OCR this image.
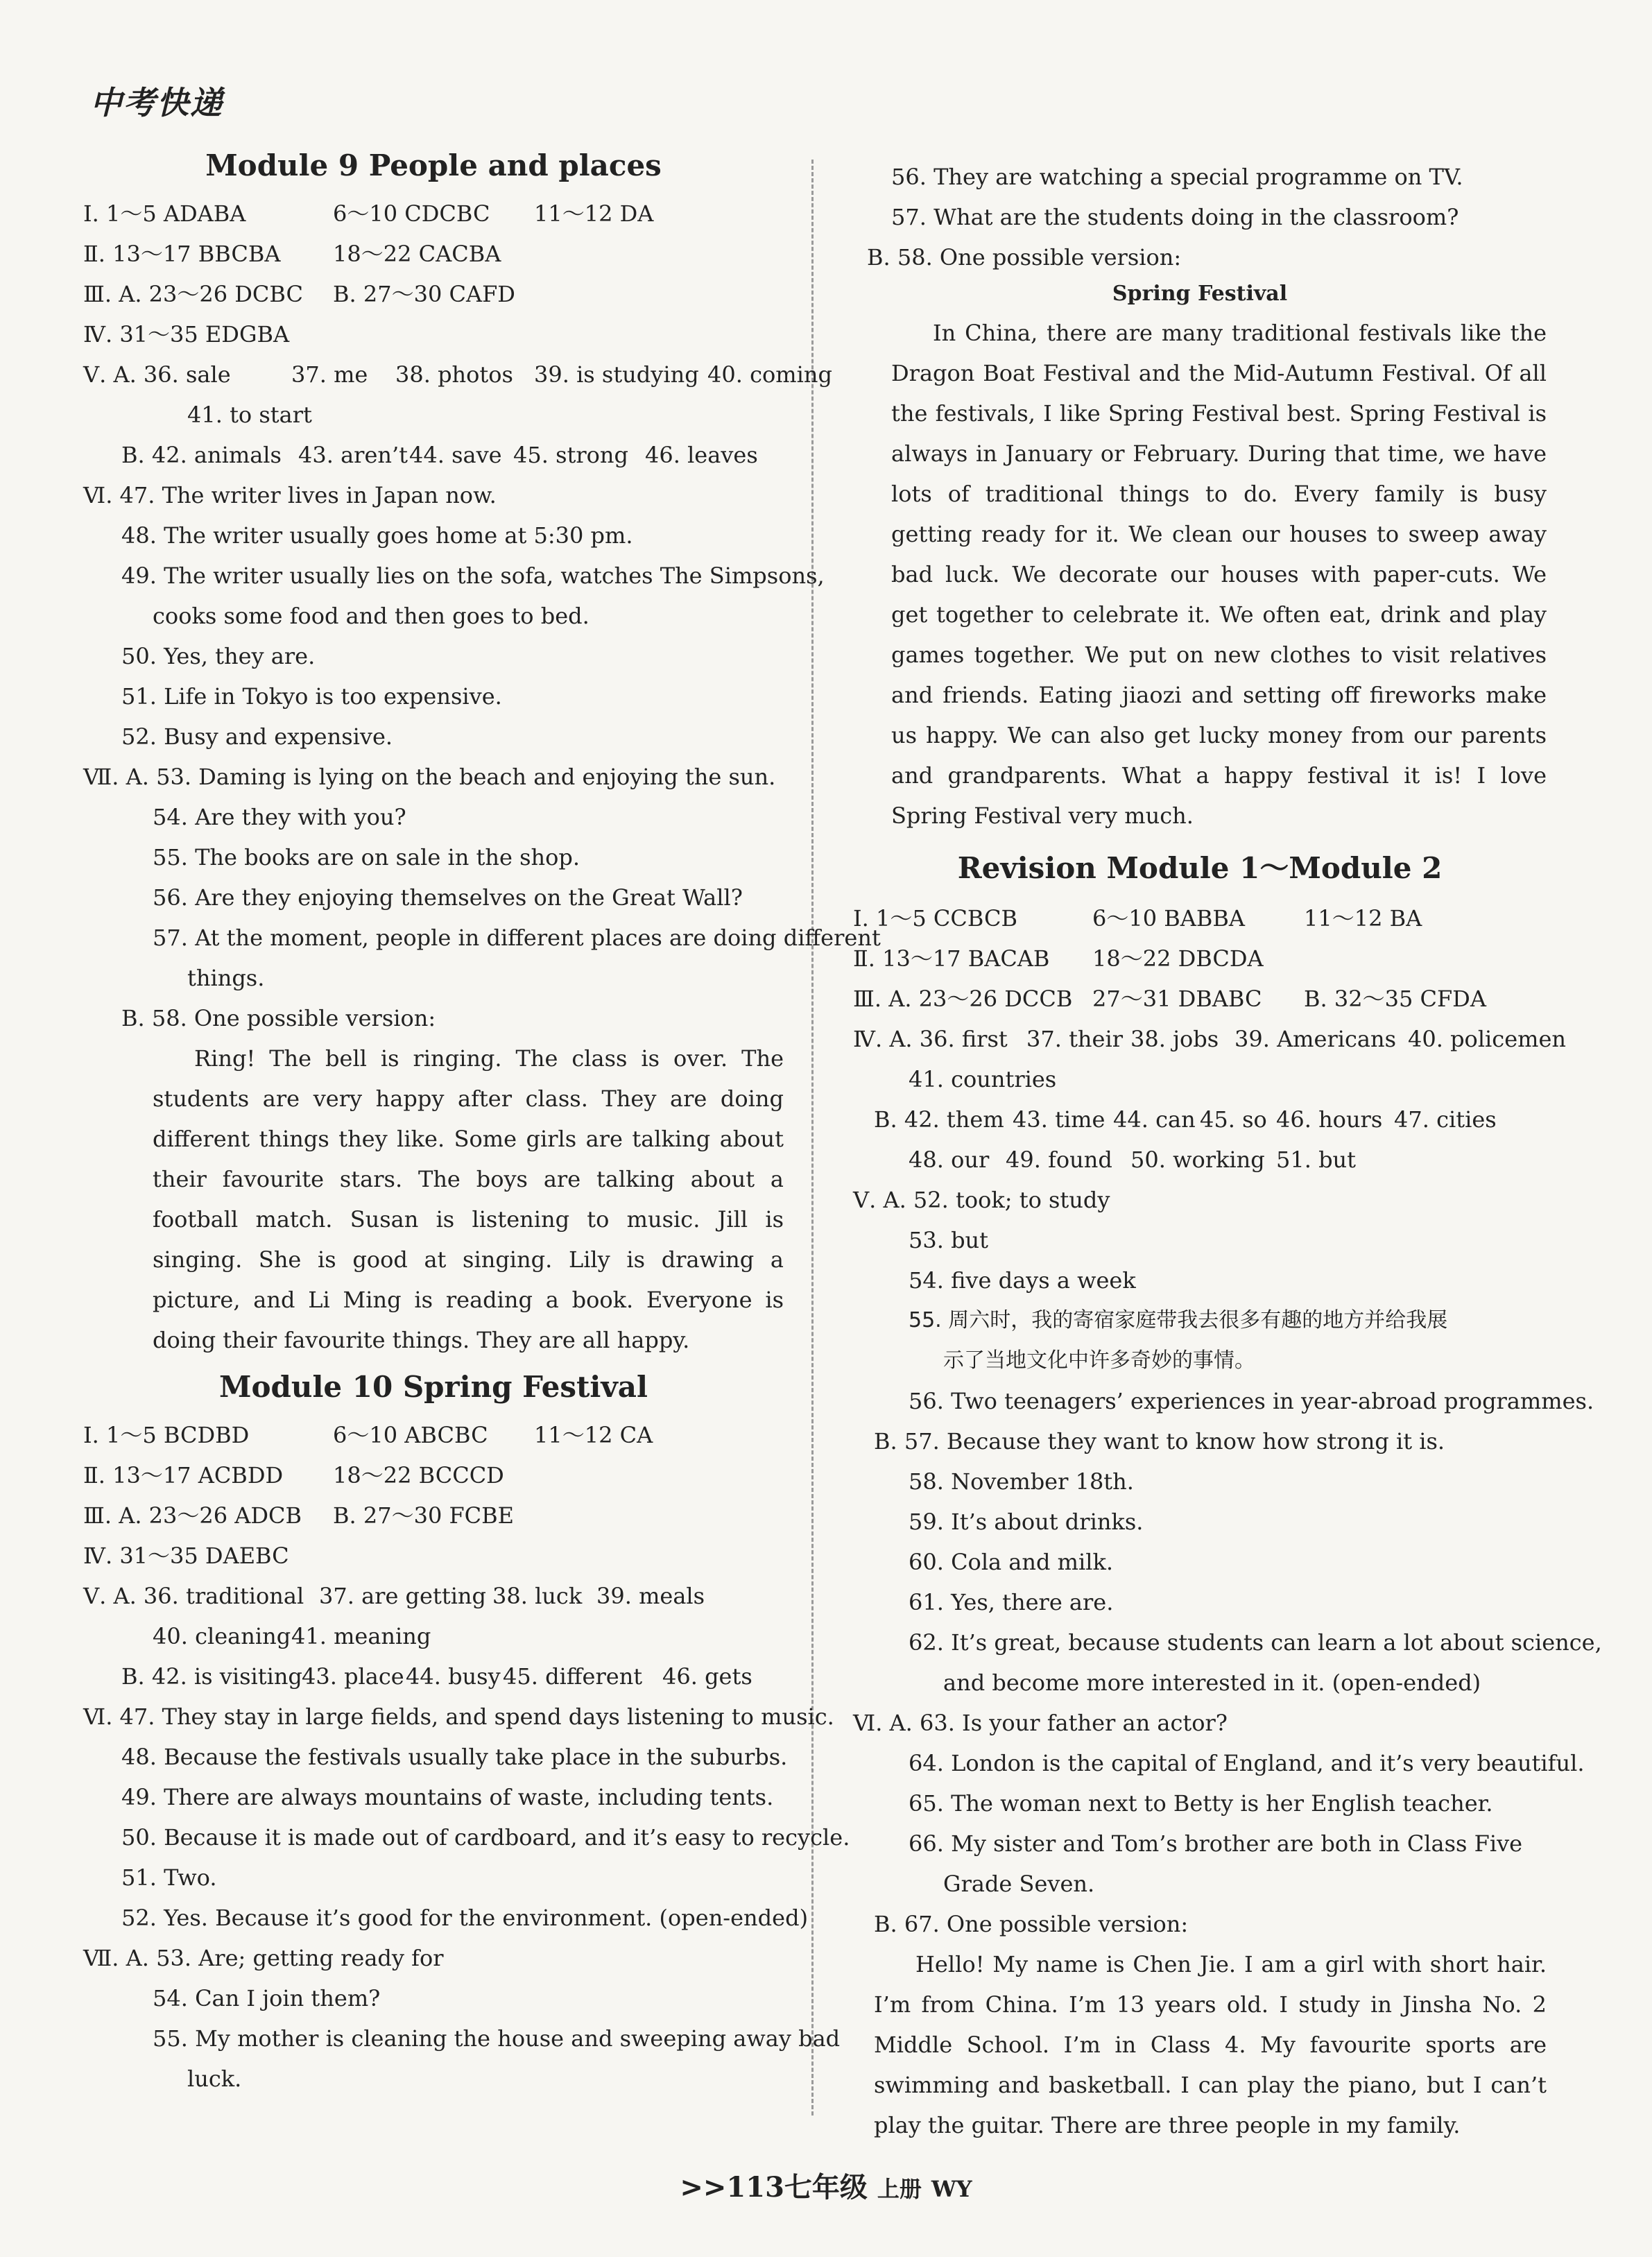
中考快递
Module 9 People and places
Ⅰ. 1～5 ADABA	6～10 CDCBC 11～12 DA
Ⅱ. 13～17 BBCBA 18～22 CACBA
Ⅲ. A. 23～26 DCBC B. 27～30 CAFD
Ⅳ. 31～35 EDGBA
Ⅴ. A. 36. sale	37. me 38. photos 39. is studying 40. coming
41. to start
B. 42. animals 43. aren’t44. save 45. strong 46. leaves
Ⅵ. 47. The writer lives in Japan now.
48. The writer usually goes home at 5:30 pm.
49. The writer usually lies on the sofa, watches The Simpsons,
cooks some food and then goes to bed.
50. Yes, they are.
51. Life in Tokyo is too expensive.
52. Busy and expensive.
Ⅶ. A. 53. Daming is lying on the beach and enjoying the sun.
54. Are they with you?
55. The books are on sale in the shop.
56. Are they enjoying themselves on the Great Wall?
57. At the moment, people in different places are doing different
things.
B. 58. One possible version:
Ring! The bell is ringing. The class is over. The students are very happy after class. They are doing different things they like. Some girls are talking about their favourite stars. The boys are talking about a football match. Susan is listening to music. Jill is singing. She is good at singing. Lily is drawing a picture, and Li Ming is reading a book. Everyone is doing their favourite things. They are all happy.
Module 10 Spring Festival
Ⅰ. 1～5 BCDBD	6～10 ABCBC 11～12 CA
Ⅱ. 13～17 ACBDD 18～22 BCCCD
Ⅲ. A. 23～26 ADCB B. 27～30 FCBE
Ⅳ. 31～35 DAEBC
Ⅴ. A. 36. traditional 37. are getting 38. luck 39. meals
40. cleaning41. meaning
B. 42. is visiting43. place44. busy 45. different 46. gets
Ⅵ. 47. They stay in large fields, and spend days listening to music.
48. Because the festivals usually take place in the suburbs.
49. There are always mountains of waste, including tents.
50. Because it is made out of cardboard, and it’s easy to recycle.
51. Two.
52. Yes. Because it’s good for the environment. (open-ended)
Ⅶ. A. 53. Are; getting ready for
54. Can I join them?
55. My mother is cleaning the house and sweeping away bad
luck.
56. They are watching a special programme on TV.
57. What are the students doing in the classroom?
B. 58. One possible version:
Spring Festival
In China, there are many traditional festivals like the Dragon Boat Festival and the Mid-Autumn Festival. Of all the festivals, I like Spring Festival best. Spring Festival is always in January or February. During that time, we have lots of traditional things to do. Every family is busy getting ready for it. We clean our houses to sweep away bad luck. We decorate our houses with paper-cuts. We get together to celebrate it. We often eat, drink and play games together. We put on new clothes to visit relatives and friends. Eating jiaozi and setting off fireworks make us happy. We can also get lucky money from our parents and grandparents. What a happy festival it is! I love Spring Festival very much.
Revision Module 1～Module 2
Ⅰ. 1～5 CCBCB	6～10 BABBA	11～12 BA
Ⅱ. 13～17 BACAB 18～22 DBCDA
Ⅲ. A. 23～26 DCCB 27～31 DBABC B. 32～35 CFDA
Ⅳ. A. 36. first 37. their 38. jobs 39. Americans 40. policemen
41. countries
B. 42. them 43. time 44. can 45. so 46. hours 47. cities
48. our 49. found 50. working 51. but
Ⅴ. A. 52. took; to study
53. but
54. five days a week
55. 周六时，我的寄宿家庭带我去很多有趣的地方并给我展
示了当地文化中许多奇妙的事情。
56. Two teenagers’ experiences in year-abroad programmes.
B. 57. Because they want to know how strong it is.
58. November 18th.
59. It’s about drinks.
60. Cola and milk.
61. Yes, there are.
62. It’s great, because students can learn a lot about science,
and become more interested in it. (open-ended)
Ⅵ. A. 63. Is your father an actor?
64. London is the capital of England, and it’s very beautiful.
65. The woman next to Betty is her English teacher.
66. My sister and Tom’s brother are both in Class Five
Grade Seven.
B. 67. One possible version:
Hello! My name is Chen Jie. I am a girl with short hair. I’m from China. I’m 13 years old. I study in Jinsha No. 2 Middle School. I’m in Class 4. My favourite sports are swimming and basketball. I can play the piano, but I can’t play the guitar. There are three people in my family.
>>113七年级 上册 WY
